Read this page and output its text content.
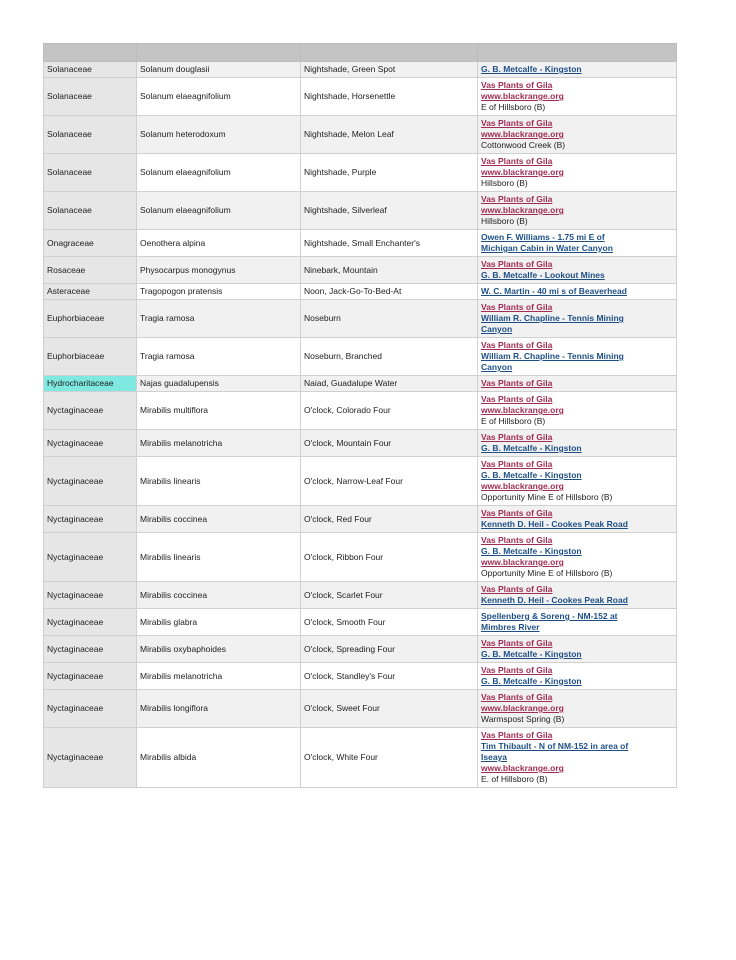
Solanaceae	Solanum douglasii	Nightshade, Green Spot	G. B. Metcalfe - Kingston

Solanaceae	Solanum elaeagnifolium	Nightshade, Horsenettle	Vas Plants of Gila
www.blackrange.org
E of Hillsboro (B)

Solanaceae	Solanum heterodoxum	Nightshade, Melon Leaf	Vas Plants of Gila
www.blackrange.org
Cottonwood Creek (B)

Solanaceae	Solanum elaeagnifolium	Nightshade, Purple	Vas Plants of Gila
www.blackrange.org
Hillsboro (B)

Solanaceae	Solanum elaeagnifolium	Nightshade, Silverleaf	Vas Plants of Gila
www.blackrange.org
Hillsboro (B)

Onagraceae	Oenothera alpina	Nightshade, Small Enchanter's	Owen F. Williams - 1.75 mi E of
Michigan Cabin in Water Canyon

Rosaceae	Physocarpus monogynus	Ninebark, Mountain	Vas Plants of Gila
G. B. Metcalfe - Lookout Mines

Asteraceae	Tragopogon pratensis	Noon, Jack-Go-To-Bed-At	W. C. Martin - 40 mi s of Beaverhead

Euphorbiaceae	Tragia ramosa	Noseburn	Vas Plants of Gila
William R. Chapline - Tennis Mining
Canyon

Euphorbiaceae	Tragia ramosa	Noseburn, Branched	Vas Plants of Gila
William R. Chapline - Tennis Mining
Canyon

Hydrocharitaceae	Najas guadalupensis	Naiad, Guadalupe Water	Vas Plants of Gila

Nyctaginaceae	Mirabilis multiflora	O'clock, Colorado Four	Vas Plants of Gila
www.blackrange.org
E of Hillsboro (B)

Nyctaginaceae	Mirabilis melanotricha	O'clock, Mountain Four	Vas Plants of Gila
G. B. Metcalfe - Kingston

Nyctaginaceae	Mirabilis linearis	O'clock, Narrow-Leaf Four	Vas Plants of Gila
G. B. Metcalfe - Kingston
www.blackrange.org
Opportunity Mine E of Hillsboro (B)

Nyctaginaceae	Mirabilis coccinea	O'clock, Red Four	Vas Plants of Gila
Kenneth D. Heil - Cookes Peak Road

Nyctaginaceae	Mirabilis linearis	O'clock, Ribbon Four	Vas Plants of Gila
G. B. Metcalfe - Kingston
www.blackrange.org
Opportunity Mine E of Hillsboro (B)

Nyctaginaceae	Mirabilis coccinea	O'clock, Scarlet Four	Vas Plants of Gila
Kenneth D. Heil - Cookes Peak Road

Nyctaginaceae	Mirabilis glabra	O'clock, Smooth Four	Spellenberg & Soreng - NM-152 at
Mimbres River

Nyctaginaceae	Mirabilis oxybaphoides	O'clock, Spreading Four	Vas Plants of Gila
G. B. Metcalfe - Kingston

Nyctaginaceae	Mirabilis melanotricha	O'clock, Standley's Four	Vas Plants of Gila
G. B. Metcalfe - Kingston

Nyctaginaceae	Mirabilis longiflora	O'clock, Sweet Four	Vas Plants of Gila
www.blackrange.org
Warmspost Spring (B)

Nyctaginaceae	Mirabilis albida	O'clock, White Four	Vas Plants of Gila
Tim Thibault - N of NM-152 in area of
Iseaya
www.blackrange.org
E. of Hillsboro (B)
